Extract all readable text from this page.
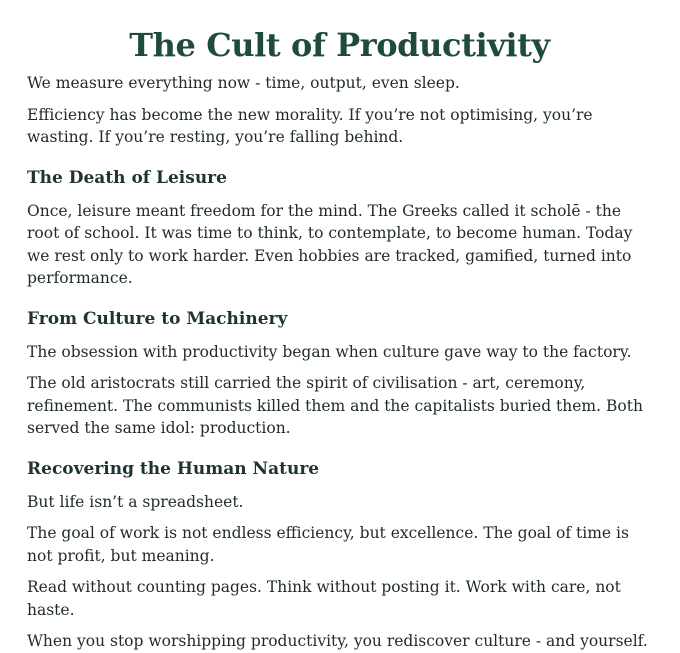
The Cult of Productivity

We measure everything now - time, output, even sleep.

Efficiency has become the new morality. If you’re not optimising, you’re wasting. If you’re resting, you’re falling behind.

The Death of Leisure

Once, leisure meant freedom for the mind. The Greeks called it scholē - the root of school. It was time to think, to contemplate, to become human. Today we rest only to work harder. Even hobbies are tracked, gamified, turned into performance.

From Culture to Machinery

The obsession with productivity began when culture gave way to the factory.

The old aristocrats still carried the spirit of civilisation - art, ceremony, refinement. The communists killed them and the capitalists buried them. Both served the same idol: production.

Recovering the Human Nature

But life isn’t a spreadsheet.

The goal of work is not endless efficiency, but excellence. The goal of time is not profit, but meaning.

Read without counting pages. Think without posting it. Work with care, not haste.

When you stop worshipping productivity, you rediscover culture - and yourself.
